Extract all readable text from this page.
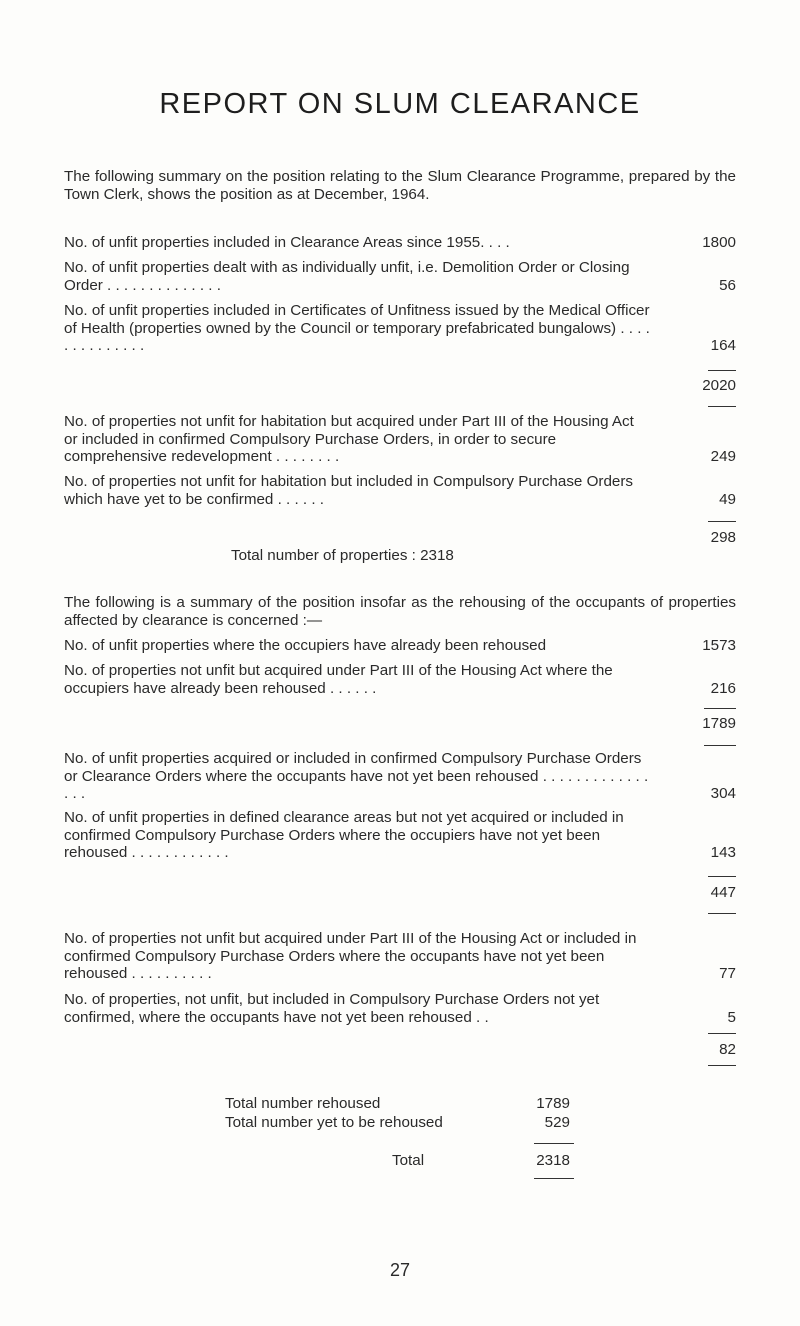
REPORT ON SLUM CLEARANCE
The following summary on the position relating to the Slum Clearance Programme, prepared by the Town Clerk, shows the position as at December, 1964.
No. of unfit properties included in Clearance Areas since 1955. . . .	1800
No. of unfit properties dealt with as individually unfit, i.e. Demolition Order or Closing Order . . . . . . . . . . . . . .	56
No. of unfit properties included in Certificates of Unfitness issued by the Medical Officer of Health (properties owned by the Council or temporary prefabricated bungalows) . . . . . . . . . . . . . .	164
2020
No. of properties not unfit for habitation but acquired under Part III of the Housing Act or included in confirmed Compulsory Purchase Orders, in order to secure comprehensive redevelopment . . . . . . . .	249
No. of properties not unfit for habitation but included in Compulsory Purchase Orders which have yet to be confirmed . . . . . .	49
298
Total number of properties : 2318
The following is a summary of the position insofar as the rehousing of the occupants of properties affected by clearance is concerned :—
No. of unfit properties where the occupiers have already been rehoused	1573
No. of properties not unfit but acquired under Part III of the Housing Act where the occupiers have already been rehoused . . . . . .	216
1789
No. of unfit properties acquired or included in confirmed Compulsory Purchase Orders or Clearance Orders where the occupants have not yet been rehoused . . . . . . . . . . . . . . . .	304
No. of unfit properties in defined clearance areas but not yet acquired or included in confirmed Compulsory Purchase Orders where the occupiers have not yet been rehoused . . . . . . . . . . . .	143
447
No. of properties not unfit but acquired under Part III of the Housing Act or included in confirmed Compulsory Purchase Orders where the occupants have not yet been rehoused . . . . . . . . . .	77
No. of properties, not unfit, but included in Compulsory Purchase Orders not yet confirmed, where the occupants have not yet been rehoused . .	5
82
Total number rehoused	1789
Total number yet to be rehoused	529
Total	2318
27
